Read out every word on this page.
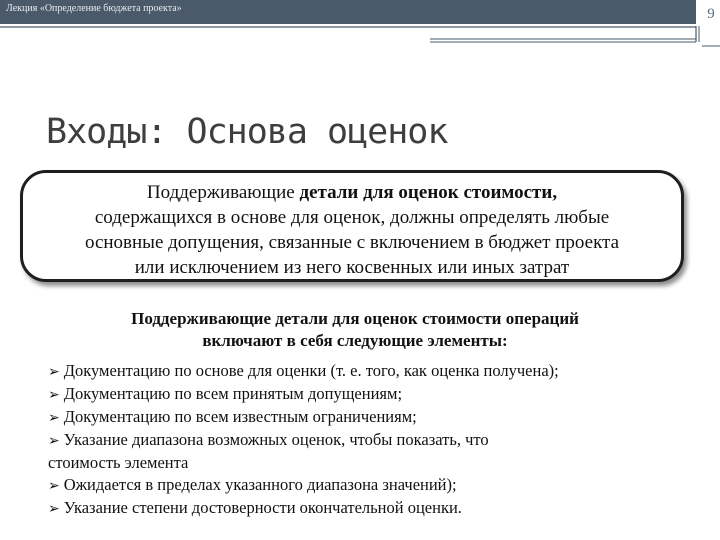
Лекция «Определение бюджета проекта»	9
Входы: Основа оценок
Поддерживающие детали для оценок стоимости,
содержащихся в основе для оценок, должны определять любые
основные допущения, связанные с включением в бюджет проекта
или исключением из него косвенных или иных затрат
Поддерживающие детали для оценок стоимости операций
включают в себя следующие элементы:
➢ Документацию по основе для оценки (т. е. того, как оценка получена);
➢ Документацию по всем принятым допущениям;
➢ Документацию по всем известным ограничениям;
➢ Указание диапазона возможных оценок, чтобы показать, что
стоимость элемента
➢ Ожидается в пределах указанного диапазона значений);
➢ Указание степени достоверности окончательной оценки.
